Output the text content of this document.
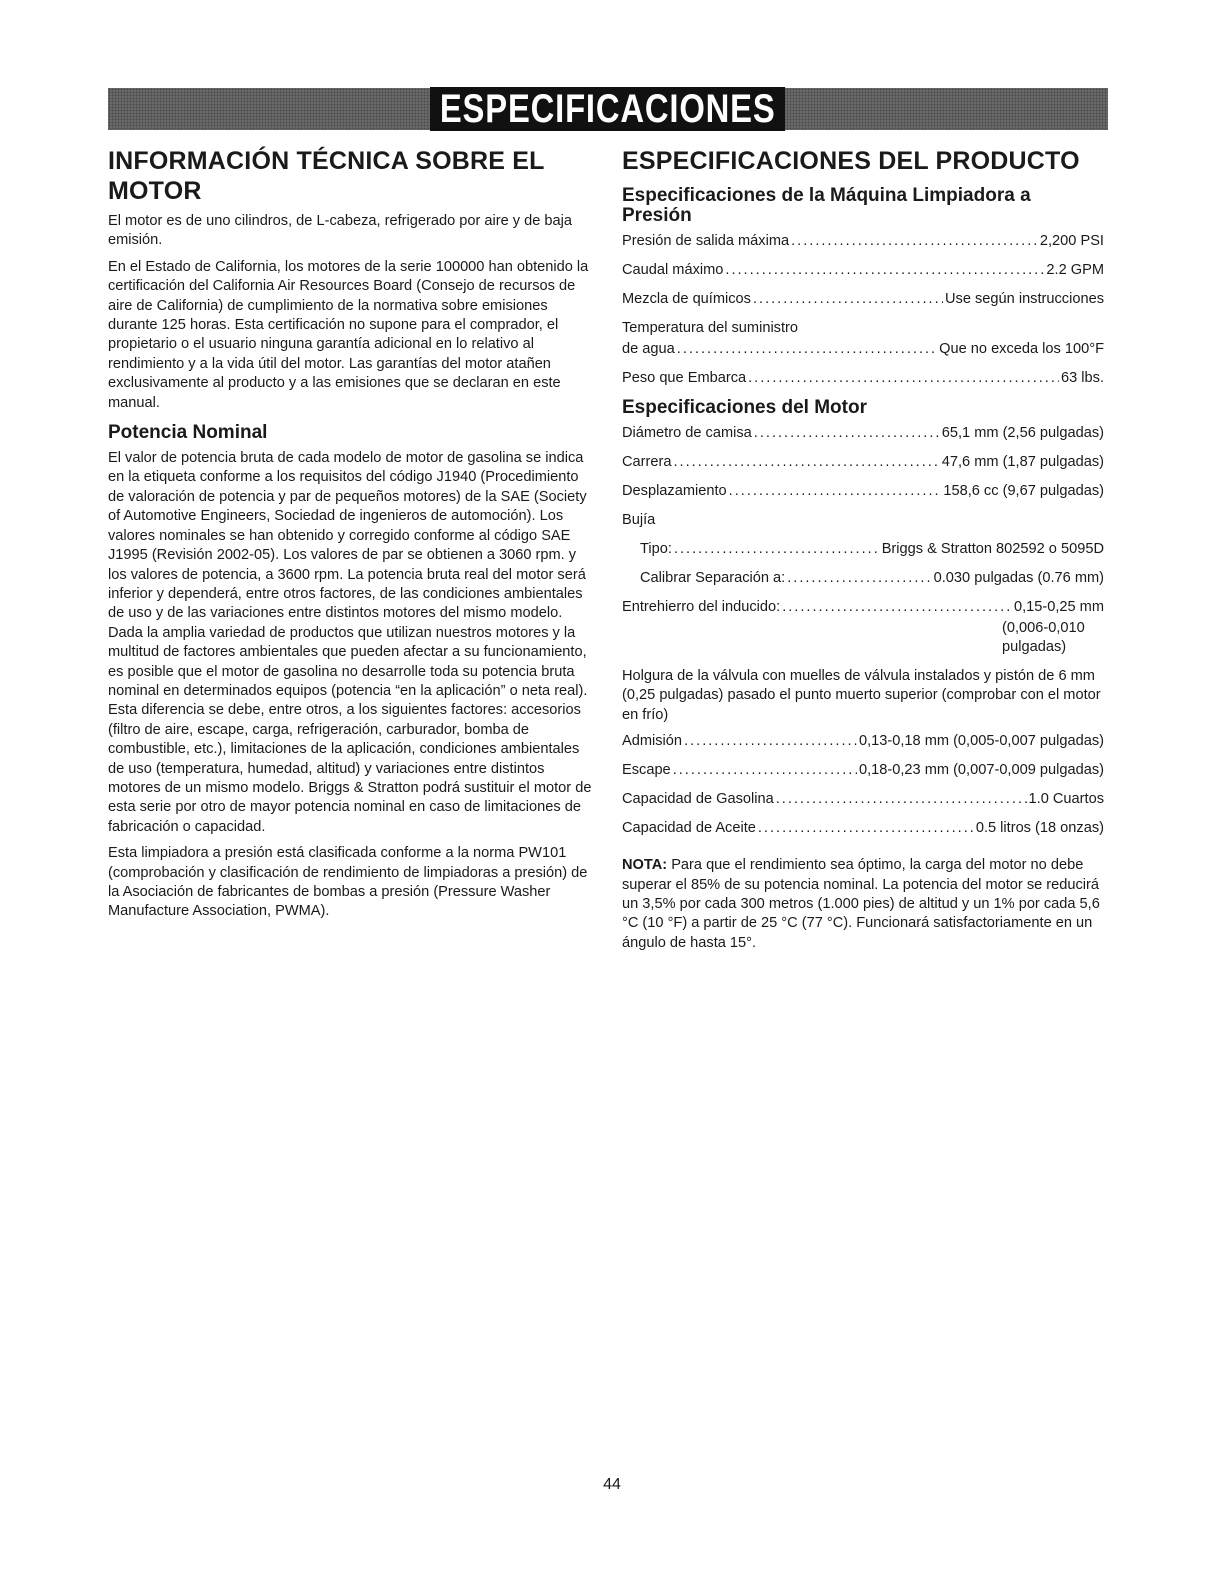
ESPECIFICACIONES
INFORMACIÓN TÉCNICA SOBRE EL MOTOR

El motor es de uno cilindros, de L-cabeza, refrigerado por aire y de baja emisión.

En el Estado de California, los motores de la serie 100000 han obtenido la certificación del California Air Resources Board (Consejo de recursos de aire de California) de cumplimiento de la normativa sobre emisiones durante 125 horas. Esta certificación no supone para el comprador, el propietario o el usuario ninguna garantía adicional en lo relativo al rendimiento y a la vida útil del motor. Las garantías del motor atañen exclusivamente al producto y a las emisiones que se declaran en este manual.

Potencia Nominal

El valor de potencia bruta de cada modelo de motor de gasolina se indica en la etiqueta conforme a los requisitos del código J1940 (Procedimiento de valoración de potencia y par de pequeños motores) de la SAE (Society of Automotive Engineers, Sociedad de ingenieros de automoción). Los valores nominales se han obtenido y corregido conforme al código SAE J1995 (Revisión 2002-05). Los valores de par se obtienen a 3060 rpm. y los valores de potencia, a 3600 rpm. La potencia bruta real del motor será inferior y dependerá, entre otros factores, de las condiciones ambientales de uso y de las variaciones entre distintos motores del mismo modelo. Dada la amplia variedad de productos que utilizan nuestros motores y la multitud de factores ambientales que pueden afectar a su funcionamiento, es posible que el motor de gasolina no desarrolle toda su potencia bruta nominal en determinados equipos (potencia “en la aplicación” o neta real). Esta diferencia se debe, entre otros, a los siguientes factores: accesorios (filtro de aire, escape, carga, refrigeración, carburador, bomba de combustible, etc.), limitaciones de la aplicación, condiciones ambientales de uso (temperatura, humedad, altitud) y variaciones entre distintos motores de un mismo modelo. Briggs & Stratton podrá sustituir el motor de esta serie por otro de mayor potencia nominal en caso de limitaciones de fabricación o capacidad.

Esta limpiadora a presión está clasificada conforme a la norma PW101 (comprobación y clasificación de rendimiento de limpiadoras a presión) de la Asociación de fabricantes de bombas a presión (Pressure Washer Manufacture Association, PWMA).

ESPECIFICACIONES DEL PRODUCTO
Especificaciones de la Máquina Limpiadora a Presión
Presión de salida máxima .....	2,200 PSI
Caudal máximo .....	2.2 GPM
Mezcla de químicos .....	Use según instrucciones
Temperatura del suministro
de agua .....	Que no exceda los 100°F
Peso que Embarca .....	63 lbs.
Especificaciones del Motor
Diámetro de camisa .....	65,1 mm (2,56 pulgadas)
Carrera .....	47,6 mm (1,87 pulgadas)
Desplazamiento .....	158,6 cc (9,67 pulgadas)
Bujía
Tipo: .....	Briggs & Stratton 802592 o 5095D
Calibrar Separación a: .....	0.030 pulgadas (0.76 mm)
Entrehierro del inducido: .....	0,15-0,25 mm
(0,006-0,010 pulgadas)

Holgura de la válvula con muelles de válvula instalados y pistón de 6 mm (0,25 pulgadas) pasado el punto muerto superior (comprobar con el motor en frío)

Admisión .....	0,13-0,18 mm (0,005-0,007 pulgadas)
Escape .....	0,18-0,23 mm (0,007-0,009 pulgadas)
Capacidad de Gasolina .....	1.0 Cuartos
Capacidad de Aceite .....	0.5 litros (18 onzas)

NOTA: Para que el rendimiento sea óptimo, la carga del motor no debe superar el 85% de su potencia nominal. La potencia del motor se reducirá un 3,5% por cada 300 metros (1.000 pies) de altitud y un 1% por cada 5,6 °C (10 °F) a partir de 25 °C (77 °C). Funcionará satisfactoriamente en un ángulo de hasta 15°.

44
